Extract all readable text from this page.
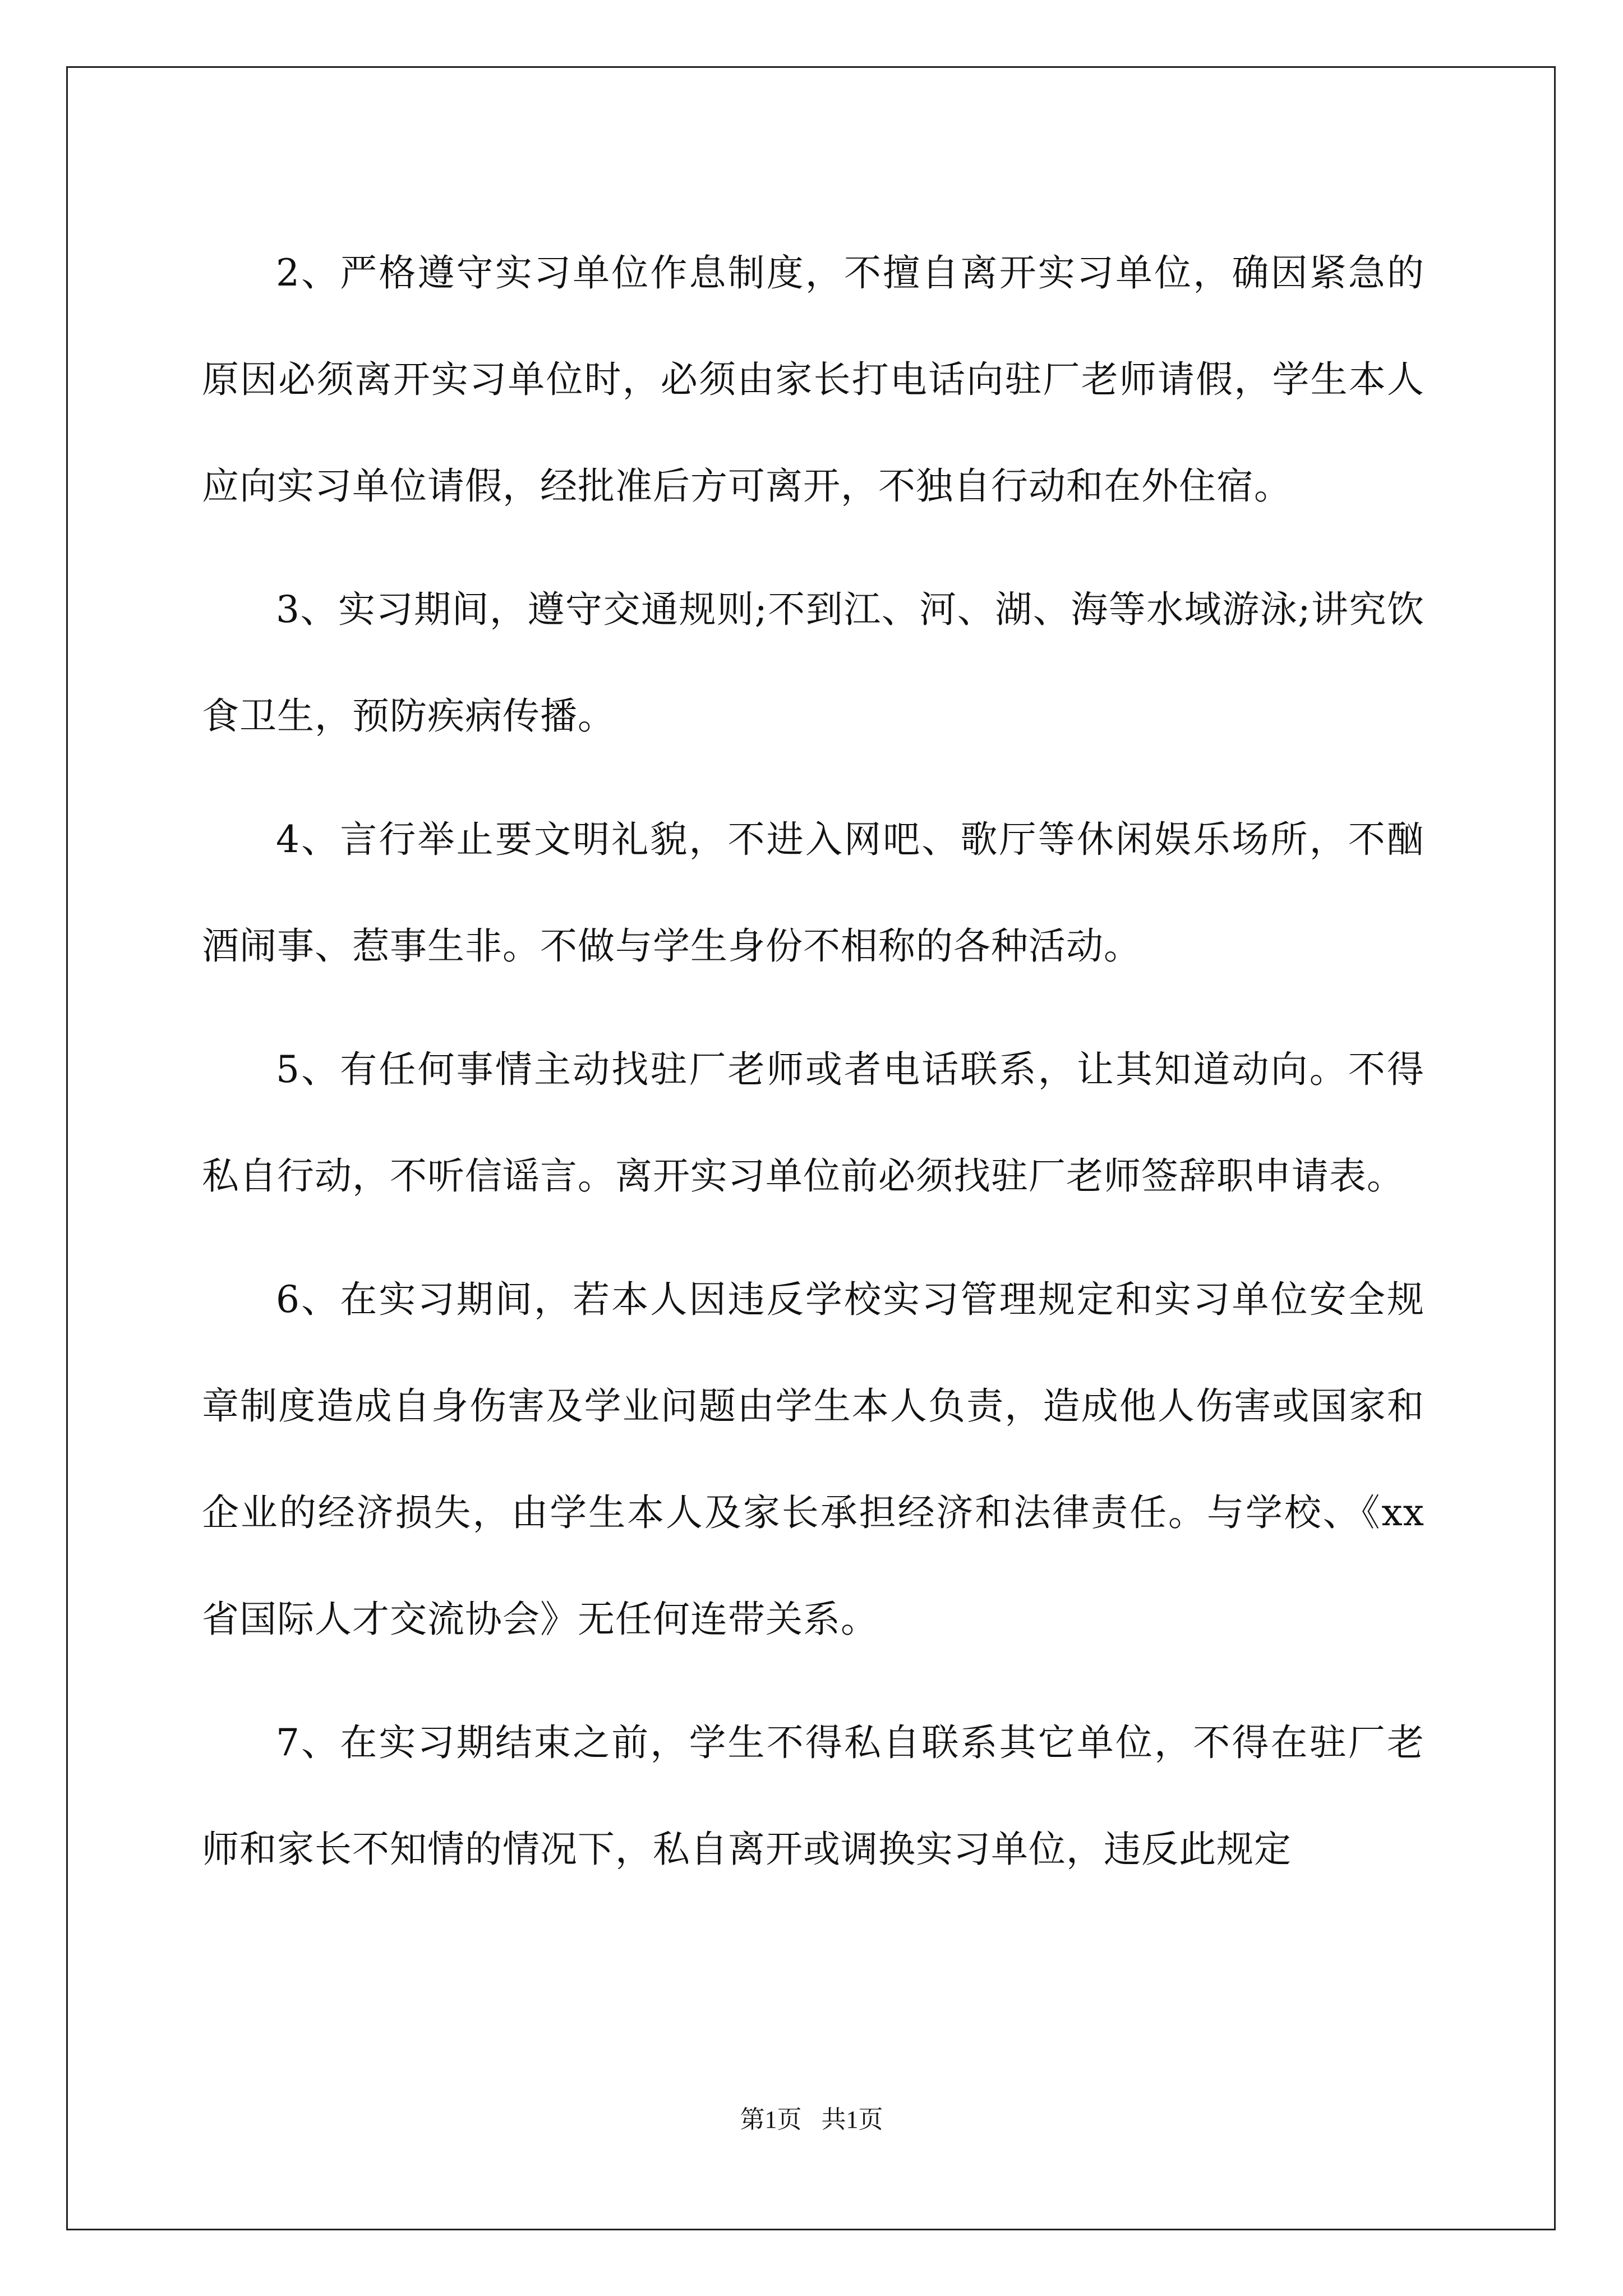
2、严格遵守实习单位作息制度，不擅自离开实习单位，确因紧急的原因必须离开实习单位时，必须由家长打电话向驻厂老师请假，学生本人应向实习单位请假，经批准后方可离开，不独自行动和在外住宿。

3、实习期间，遵守交通规则;不到江、河、湖、海等水域游泳;讲究饮食卫生，预防疾病传播。

4、言行举止要文明礼貌，不进入网吧、歌厅等休闲娱乐场所，不酗酒闹事、惹事生非。不做与学生身份不相称的各种活动。

5、有任何事情主动找驻厂老师或者电话联系，让其知道动向。不得私自行动，不听信谣言。离开实习单位前必须找驻厂老师签辞职申请表。

6、在实习期间，若本人因违反学校实习管理规定和实习单位安全规章制度造成自身伤害及学业问题由学生本人负责，造成他人伤害或国家和企业的经济损失，由学生本人及家长承担经济和法律责任。与学校、《xx省国际人才交流协会》无任何连带关系。

7、在实习期结束之前，学生不得私自联系其它单位，不得在驻厂老师和家长不知情的情况下，私自离开或调换实习单位，违反此规定

第1页 共1页
